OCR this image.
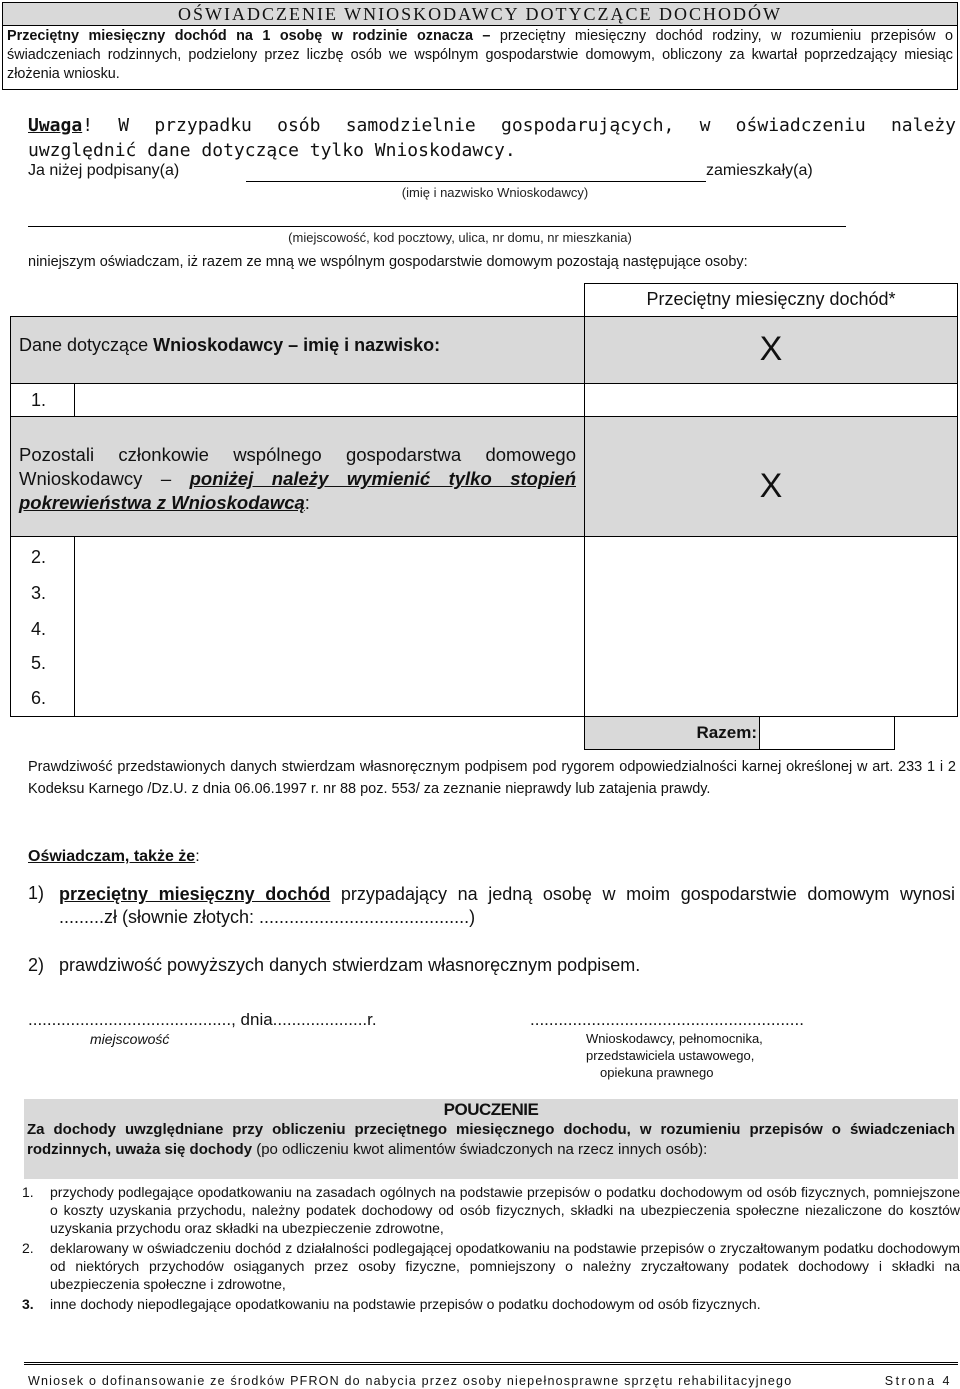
OŚWIADCZENIE WNIOSKODAWCY DOTYCZĄCE DOCHODÓW
Przeciętny miesięczny dochód na 1 osobę w rodzinie oznacza – przeciętny miesięczny dochód rodziny, w rozumieniu przepisów o świadczeniach rodzinnych, podzielony przez liczbę osób we wspólnym gospodarstwie domowym, obliczony za kwartał poprzedzający miesiąc złożenia wniosku.
Uwaga! W przypadku osób samodzielnie gospodarujących, w oświadczeniu należy uwzględnić dane dotyczące tylko Wnioskodawcy.
Ja niżej podpisany(a)	zamieszkały(a)
(imię i nazwisko Wnioskodawcy)
(miejscowość, kod pocztowy, ulica, nr domu, nr mieszkania)
niniejszym oświadczam, iż razem ze mną we wspólnym gospodarstwie domowym pozostają następujące osoby:
Przeciętny miesięczny dochód*
Dane dotyczące Wnioskodawcy – imię i nazwisko:	X
1.
Pozostali członkowie wspólnego gospodarstwa domowego Wnioskodawcy – poniżej należy wymienić tylko stopień pokrewieństwa z Wnioskodawcą:	X
2.
3.
4.
5.
6.
Razem:
Prawdziwość przedstawionych danych stwierdzam własnoręcznym podpisem pod rygorem odpowiedzialności karnej określonej w art. 233 1 i 2 Kodeksu Karnego /Dz.U. z dnia 06.06.1997 r. nr 88 poz. 553/ za zeznanie nieprawdy lub zatajenia prawdy.
Oświadczam, także że:
1) przeciętny miesięczny dochód przypadający na jedną osobę w moim gospodarstwie domowym wynosi .........zł (słownie złotych: ..........................................)
2) prawdziwość powyższych danych stwierdzam własnoręcznym podpisem.
..........................................., dnia....................r.	..........................................................
miejscowość	Wnioskodawcy, pełnomocnika,
przedstawiciela ustawowego,
opiekuna prawnego
POUCZENIE
Za dochody uwzględniane przy obliczeniu przeciętnego miesięcznego dochodu, w rozumieniu przepisów o świadczeniach rodzinnych, uważa się dochody (po odliczeniu kwot alimentów świadczonych na rzecz innych osób):
1.	przychody podlegające opodatkowaniu na zasadach ogólnych na podstawie przepisów o podatku dochodowym od osób fizycznych, pomniejszone o koszty uzyskania przychodu, należny podatek dochodowy od osób fizycznych, składki na ubezpieczenia społeczne niezaliczone do kosztów uzyskania przychodu oraz składki na ubezpieczenie zdrowotne,
2.	deklarowany w oświadczeniu dochód z działalności podlegającej opodatkowaniu na podstawie przepisów o zryczałtowanym podatku dochodowym od niektórych przychodów osiąganych przez osoby fizyczne, pomniejszony o należny zryczałtowany podatek dochodowy i składki na ubezpieczenia społeczne i zdrowotne,
3.	inne dochody niepodlegające opodatkowaniu na podstawie przepisów o podatku dochodowym od osób fizycznych.
Wniosek o dofinansowanie ze środków PFRON do nabycia przez osoby niepełnosprawne sprzętu rehabilitacyjnego	Strona 4
